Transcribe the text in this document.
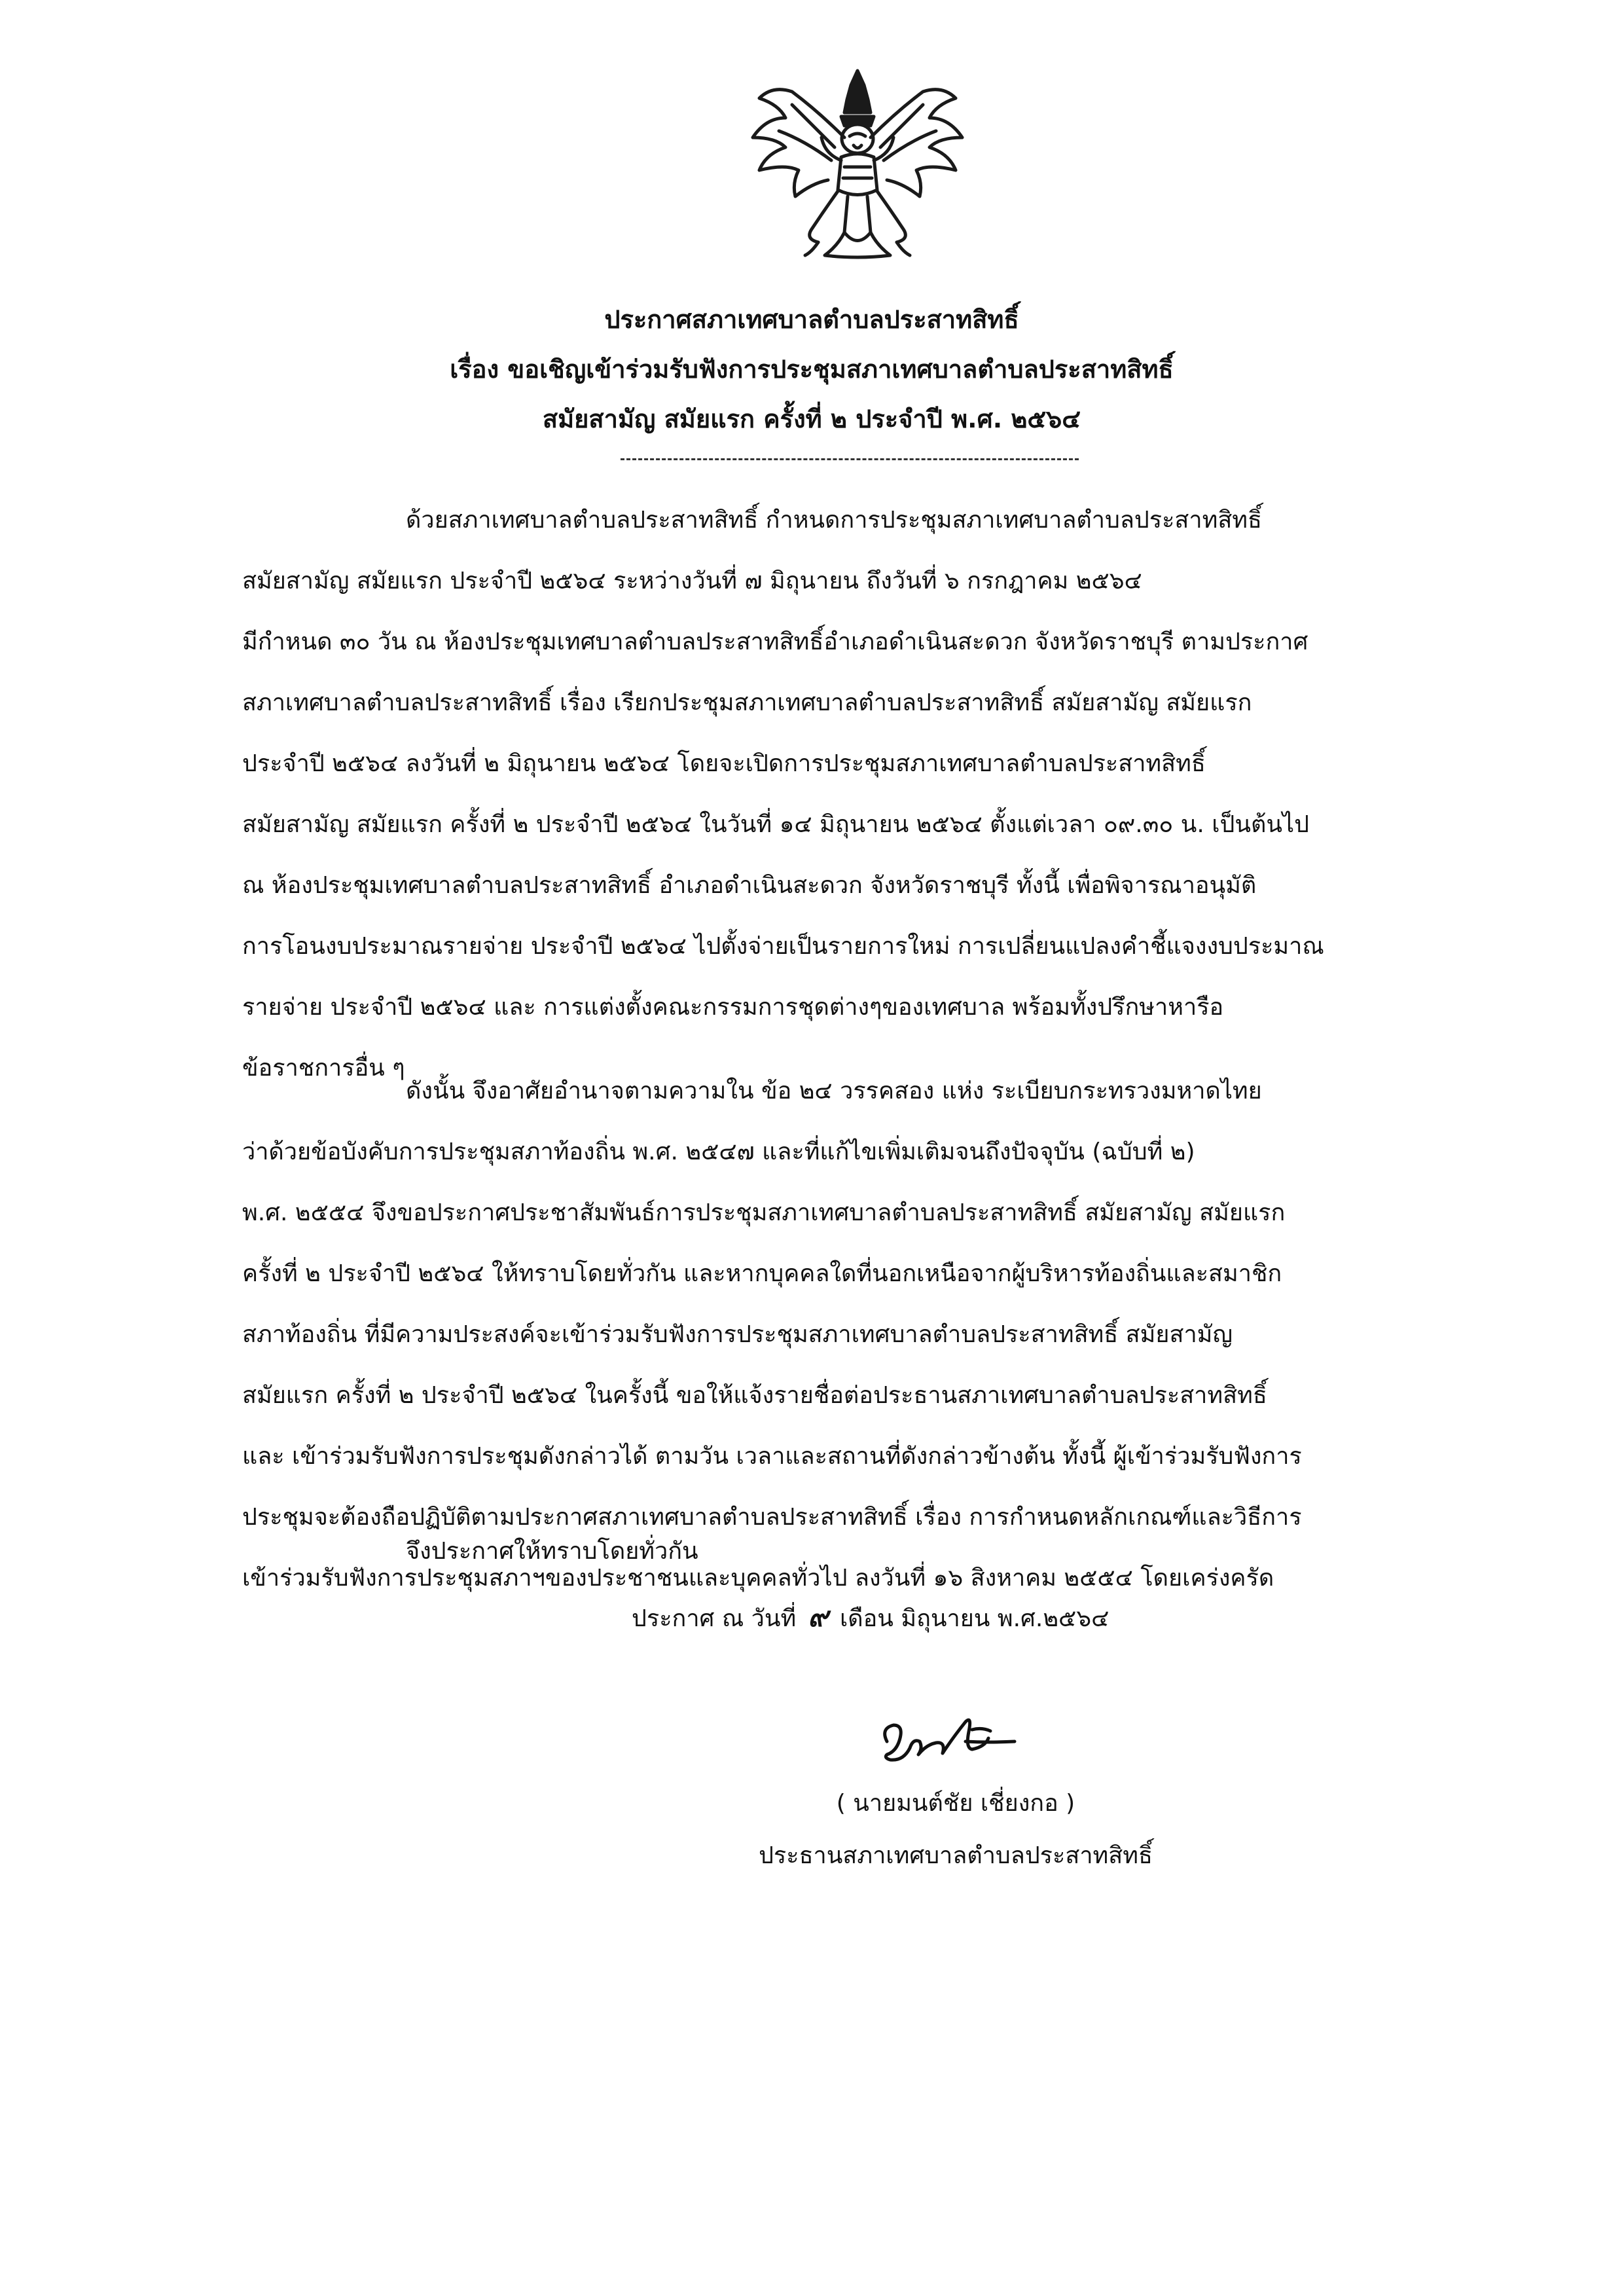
ประกาศสภาเทศบาลตำบลประสาทสิทธิ์
เรื่อง ขอเชิญเข้าร่วมรับฟังการประชุมสภาเทศบาลตำบลประสาทสิทธิ์
สมัยสามัญ สมัยแรก ครั้งที่ ๒ ประจำปี พ.ศ. ๒๕๖๔
ด้วยสภาเทศบาลตำบลประสาทสิทธิ์ กำหนดการประชุมสภาเทศบาลตำบลประสาทสิทธิ์
สมัยสามัญ สมัยแรก ประจำปี ๒๕๖๔ ระหว่างวันที่ ๗ มิถุนายน ถึงวันที่ ๖ กรกฎาคม ๒๕๖๔
มีกำหนด ๓๐ วัน ณ ห้องประชุมเทศบาลตำบลประสาทสิทธิ์อำเภอดำเนินสะดวก จังหวัดราชบุรี ตามประกาศ
สภาเทศบาลตำบลประสาทสิทธิ์ เรื่อง เรียกประชุมสภาเทศบาลตำบลประสาทสิทธิ์ สมัยสามัญ สมัยแรก
ประจำปี ๒๕๖๔ ลงวันที่ ๒ มิถุนายน ๒๕๖๔ โดยจะเปิดการประชุมสภาเทศบาลตำบลประสาทสิทธิ์
สมัยสามัญ สมัยแรก ครั้งที่ ๒ ประจำปี ๒๕๖๔ ในวันที่ ๑๔ มิถุนายน ๒๕๖๔ ตั้งแต่เวลา ๐๙.๓๐ น. เป็นต้นไป
ณ ห้องประชุมเทศบาลตำบลประสาทสิทธิ์ อำเภอดำเนินสะดวก จังหวัดราชบุรี ทั้งนี้ เพื่อพิจารณาอนุมัติ
การโอนงบประมาณรายจ่าย ประจำปี ๒๕๖๔ ไปตั้งจ่ายเป็นรายการใหม่ การเปลี่ยนแปลงคำชี้แจงงบประมาณ
รายจ่าย ประจำปี ๒๕๖๔ และ การแต่งตั้งคณะกรรมการชุดต่างๆของเทศบาล พร้อมทั้งปรึกษาหารือ
ข้อราชการอื่น ๆ
ดังนั้น จึงอาศัยอำนาจตามความใน ข้อ ๒๔ วรรคสอง แห่ง ระเบียบกระทรวงมหาดไทย
ว่าด้วยข้อบังคับการประชุมสภาท้องถิ่น พ.ศ. ๒๕๔๗ และที่แก้ไขเพิ่มเติมจนถึงปัจจุบัน (ฉบับที่ ๒)
พ.ศ. ๒๕๕๔ จึงขอประกาศประชาสัมพันธ์การประชุมสภาเทศบาลตำบลประสาทสิทธิ์ สมัยสามัญ สมัยแรก
ครั้งที่ ๒ ประจำปี ๒๕๖๔ ให้ทราบโดยทั่วกัน และหากบุคคลใดที่นอกเหนือจากผู้บริหารท้องถิ่นและสมาชิก
สภาท้องถิ่น ที่มีความประสงค์จะเข้าร่วมรับฟังการประชุมสภาเทศบาลตำบลประสาทสิทธิ์ สมัยสามัญ
สมัยแรก ครั้งที่ ๒ ประจำปี ๒๕๖๔ ในครั้งนี้ ขอให้แจ้งรายชื่อต่อประธานสภาเทศบาลตำบลประสาทสิทธิ์
และ เข้าร่วมรับฟังการประชุมดังกล่าวได้ ตามวัน เวลาและสถานที่ดังกล่าวข้างต้น ทั้งนี้ ผู้เข้าร่วมรับฟังการ
ประชุมจะต้องถือปฏิบัติตามประกาศสภาเทศบาลตำบลประสาทสิทธิ์ เรื่อง การกำหนดหลักเกณฑ์และวิธีการ
เข้าร่วมรับฟังการประชุมสภาฯของประชาชนและบุคคลทั่วไป ลงวันที่ ๑๖ สิงหาคม ๒๕๕๔ โดยเคร่งครัด
จึงประกาศให้ทราบโดยทั่วกัน
ประกาศ ณ วันที่ ๙ เดือน มิถุนายน พ.ศ.๒๕๖๔
( นายมนต์ชัย เชี่ยงกอ )
ประธานสภาเทศบาลตำบลประสาทสิทธิ์
